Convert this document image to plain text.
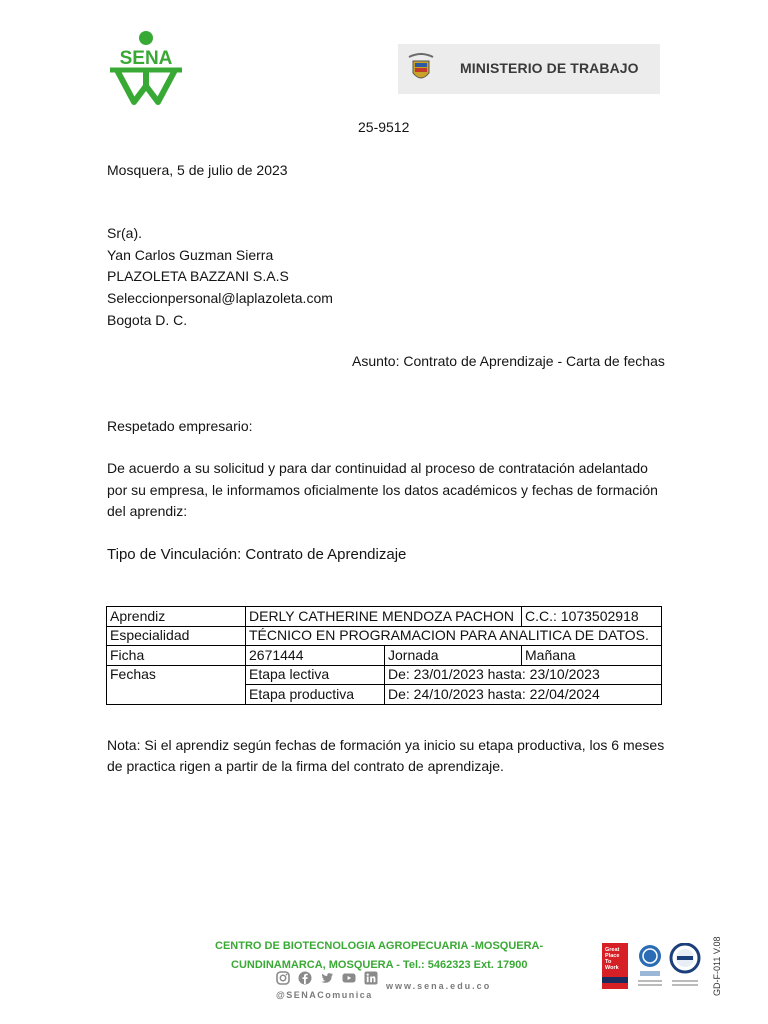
SENA	MINISTERIO DE TRABAJO
25-9512
Mosquera, 5 de julio de 2023
Sr(a).
Yan Carlos Guzman Sierra
PLAZOLETA BAZZANI S.A.S
Seleccionpersonal@laplazoleta.com
Bogota D. C.
Asunto: Contrato de Aprendizaje - Carta de fechas
Respetado empresario:
De acuerdo a su solicitud y para dar continuidad al proceso de contratación adelantado
por su empresa, le informamos oficialmente los datos académicos y fechas de formación
del aprendiz:
Tipo de Vinculación: Contrato de Aprendizaje
Aprendiz	DERLY CATHERINE MENDOZA PACHON		C.C.: 1073502918
Especialidad	TÉCNICO EN PROGRAMACION PARA ANALITICA DE DATOS.		
Ficha	2671444	Jornada	Mañana
Fechas	Etapa lectiva	De: 23/01/2023 hasta: 23/10/2023	
	Etapa productiva	De: 24/10/2023 hasta: 22/04/2024	
Nota: Si el aprendiz según fechas de formación ya inicio su etapa productiva, los 6 meses
de practica rigen a partir de la firma del contrato de aprendizaje.
CENTRO DE BIOTECNOLOGIA AGROPECUARIA -MOSQUERA-
CUNDINAMARCA, MOSQUERA - Tel.: 5462323 Ext. 17900
@SENAComunica
www.sena.edu.co
Great
Place
To
Work	GD-F-011 V.08
